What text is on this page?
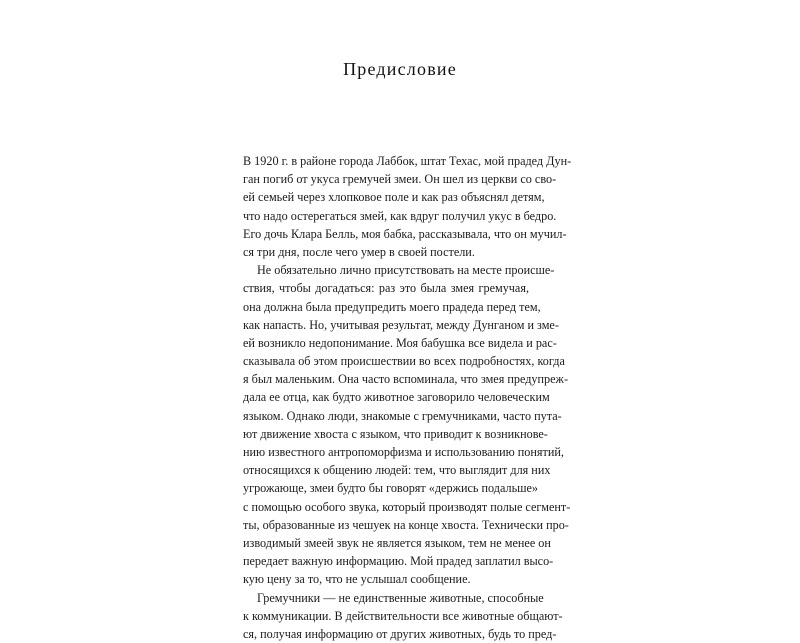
Предисловие
В 1920 г. в районе города Лаббок, штат Техас, мой прадед Дун-
ган погиб от укуса гремучей змеи. Он шел из церкви со сво-
ей семьей через хлопковое поле и как раз объяснял детям,
что надо остерегаться змей, как вдруг получил укус в бедро.
Его дочь Клара Белль, моя бабка, рассказывала, что он мучил-
ся три дня, после чего умер в своей постели.
Не обязательно лично присутствовать на месте происше-
ствия, чтобы догадаться: раз это была змея гремучая,
она должна была предупредить моего прадеда перед тем,
как напасть. Но, учитывая результат, между Дунганом и зме-
ей возникло недопонимание. Моя бабушка все видела и рас-
сказывала об этом происшествии во всех подробностях, когда
я был маленьким. Она часто вспоминала, что змея предупреж-
дала ее отца, как будто животное заговорило человеческим
языком. Однако люди, знакомые с гремучниками, часто пута-
ют движение хвоста с языком, что приводит к возникнове-
нию известного антропоморфизма и использованию понятий,
относящихся к общению людей: тем, что выглядит для них
угрожающе, змеи будто бы говорят «держись подальше»
с помощью особого звука, который производят полые сегмент-
ты, образованные из чешуек на конце хвоста. Технически про-
изводимый змеей звук не является языком, тем не менее он
передает важную информацию. Мой прадед заплатил высо-
кую цену за то, что не услышал сообщение.
Гремучники — не единственные животные, способные
к коммуникации. В действительности все животные общают-
ся, получая информацию от других животных, будь то пред-
